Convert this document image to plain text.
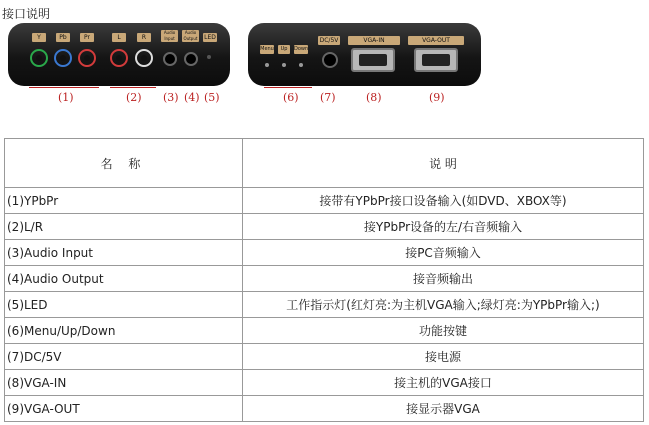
接口说明
Y	Pb	Pr	L	R
Audio Input
Audio Output LED
Menu	Up	Down
DC/5V	VGA-IN	VGA-OUT
(1)	(2) (3) (4) (5)	(6) (7)	(8)	(9)
名 称	说 明
(1)YPbPr	接带有YPbPr接口设备输入(如DVD、XBOX等)
(2)L/R	接YPbPr设备的左/右音频输入
(3)Audio Input	接PC音频输入
(4)Audio Output	接音频输出
(5)LED	工作指示灯(红灯亮:为主机VGA输入;绿灯亮:为YPbPr输入;)
(6)Menu/Up/Down	功能按键
(7)DC/5V	接电源
(8)VGA-IN	接主机的VGA接口
(9)VGA-OUT	接显示器VGA
